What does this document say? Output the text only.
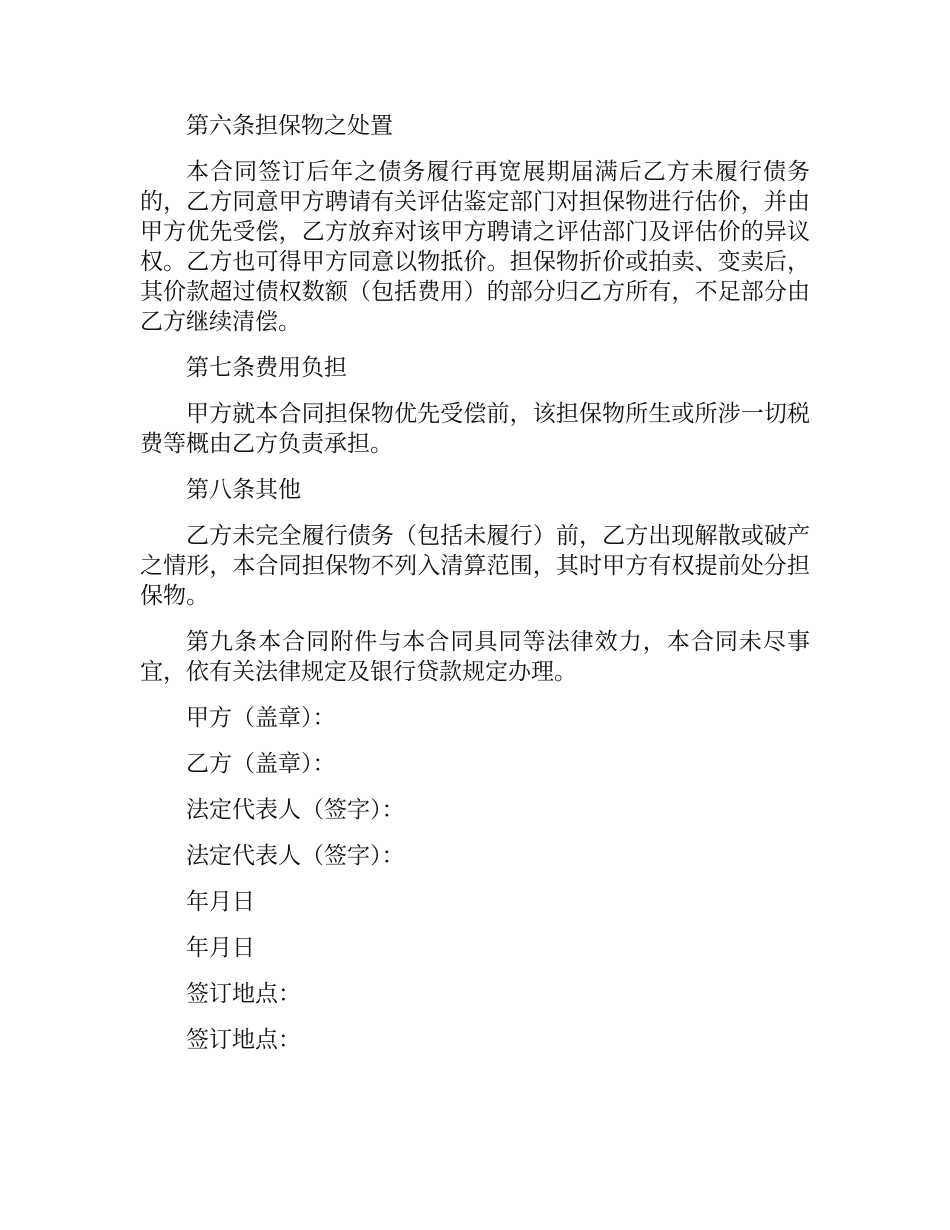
第六条担保物之处置

本合同签订后年之债务履行再宽展期届满后乙方未履行债务的，乙方同意甲方聘请有关评估鉴定部门对担保物进行估价，并由甲方优先受偿，乙方放弃对该甲方聘请之评估部门及评估价的异议权。乙方也可得甲方同意以物抵价。担保物折价或拍卖、变卖后，其价款超过债权数额（包括费用）的部分归乙方所有，不足部分由乙方继续清偿。

第七条费用负担

甲方就本合同担保物优先受偿前，该担保物所生或所涉一切税费等概由乙方负责承担。

第八条其他

乙方未完全履行债务（包括未履行）前，乙方出现解散或破产之情形，本合同担保物不列入清算范围，其时甲方有权提前处分担保物。

第九条本合同附件与本合同具同等法律效力，本合同未尽事宜，依有关法律规定及银行贷款规定办理。

甲方（盖章）：

乙方（盖章）：

法定代表人（签字）：

法定代表人（签字）：

年月日

年月日

签订地点：

签订地点：
